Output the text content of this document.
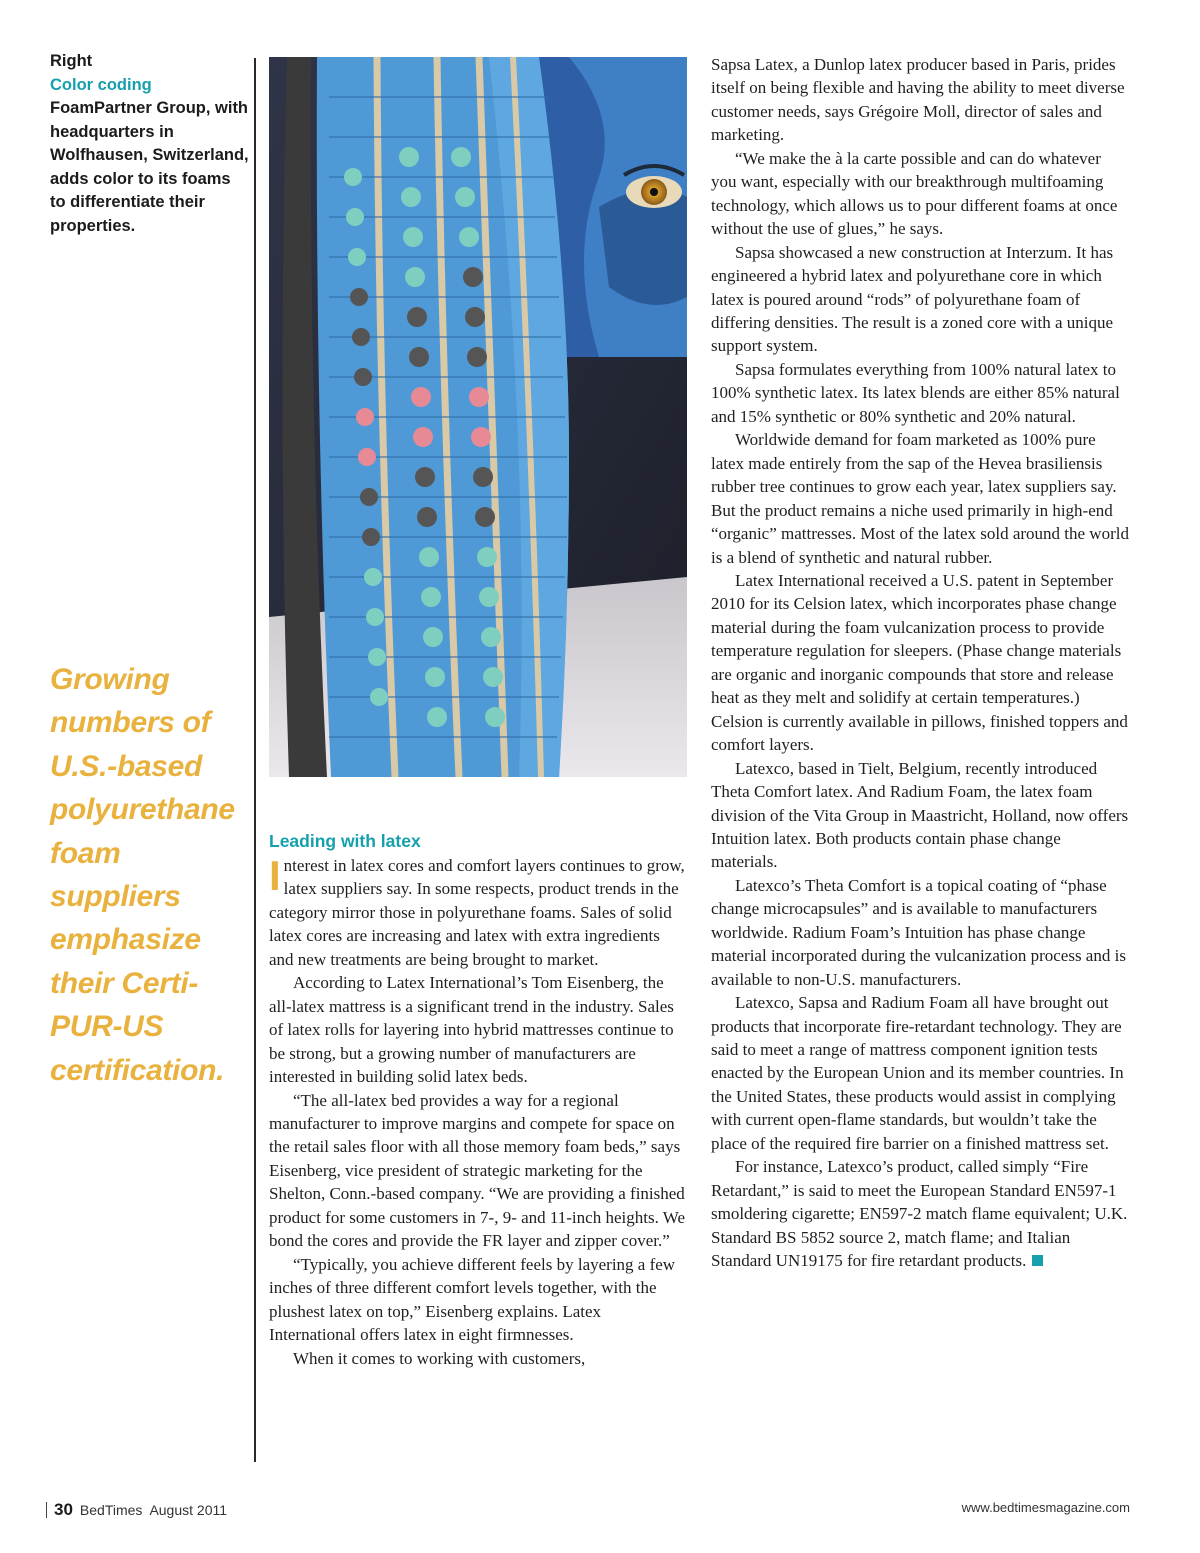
Right

Color coding

FoamPartner Group, with headquarters in Wolfhausen, Switzerland, adds color to its foams to differentiate their properties.

Growing numbers of U.S.-based polyurethane foam suppliers emphasize their Certi-PUR-US certification.

Leading with latex

Interest in latex cores and comfort layers continues to grow, latex suppliers say. In some respects, product trends in the category mirror those in polyurethane foams. Sales of solid latex cores are increasing and latex with extra ingredients and new treatments are being brought to market.

According to Latex International’s Tom Eisenberg, the all-latex mattress is a significant trend in the industry. Sales of latex rolls for layering into hybrid mattresses continue to be strong, but a growing number of manufacturers are interested in building solid latex beds.

“The all-latex bed provides a way for a regional manufacturer to improve margins and compete for space on the retail sales floor with all those memory foam beds,” says Eisenberg, vice president of strategic marketing for the Shelton, Conn.-based company. “We are providing a finished product for some customers in 7-, 9- and 11-inch heights. We bond the cores and provide the FR layer and zipper cover.”

“Typically, you achieve different feels by layering a few inches of three different comfort levels together, with the plushest latex on top,” Eisenberg explains. Latex International offers latex in eight firmnesses.

When it comes to working with customers,

Sapsa Latex, a Dunlop latex producer based in Paris, prides itself on being flexible and having the ability to meet diverse customer needs, says Grégoire Moll, director of sales and marketing.

“We make the à la carte possible and can do whatever you want, especially with our breakthrough multifoaming technology, which allows us to pour different foams at once without the use of glues,” he says.

Sapsa showcased a new construction at Interzum. It has engineered a hybrid latex and polyurethane core in which latex is poured around “rods” of polyurethane foam of differing densities. The result is a zoned core with a unique support system.

Sapsa formulates everything from 100% natural latex to 100% synthetic latex. Its latex blends are either 85% natural and 15% synthetic or 80% synthetic and 20% natural.

Worldwide demand for foam marketed as 100% pure latex made entirely from the sap of the Hevea brasiliensis rubber tree continues to grow each year, latex suppliers say. But the product remains a niche used primarily in high-end “organic” mattresses. Most of the latex sold around the world is a blend of synthetic and natural rubber.

Latex International received a U.S. patent in September 2010 for its Celsion latex, which incorporates phase change material during the foam vulcanization process to provide temperature regulation for sleepers. (Phase change materials are organic and inorganic compounds that store and release heat as they melt and solidify at certain temperatures.) Celsion is currently available in pillows, finished toppers and comfort layers.

Latexco, based in Tielt, Belgium, recently introduced Theta Comfort latex. And Radium Foam, the latex foam division of the Vita Group in Maastricht, Holland, now offers Intuition latex. Both products contain phase change materials.

Latexco’s Theta Comfort is a topical coating of “phase change microcapsules” and is available to manufacturers worldwide. Radium Foam’s Intuition has phase change material incorporated during the vulcanization process and is available to non-U.S. manufacturers.

Latexco, Sapsa and Radium Foam all have brought out products that incorporate fire-retardant technology. They are said to meet a range of mattress component ignition tests enacted by the European Union and its member countries. In the United States, these products would assist in complying with current open-flame standards, but wouldn’t take the place of the required fire barrier on a finished mattress set.

For instance, Latexco’s product, called simply “Fire Retardant,” is said to meet the European Standard EN597-1 smoldering cigarette; EN597-2 match flame equivalent; U.K. Standard BS 5852 source 2, match flame; and Italian Standard UN19175 for fire retardant products.

30 BedTimes August 2011	www.bedtimesmagazine.com
